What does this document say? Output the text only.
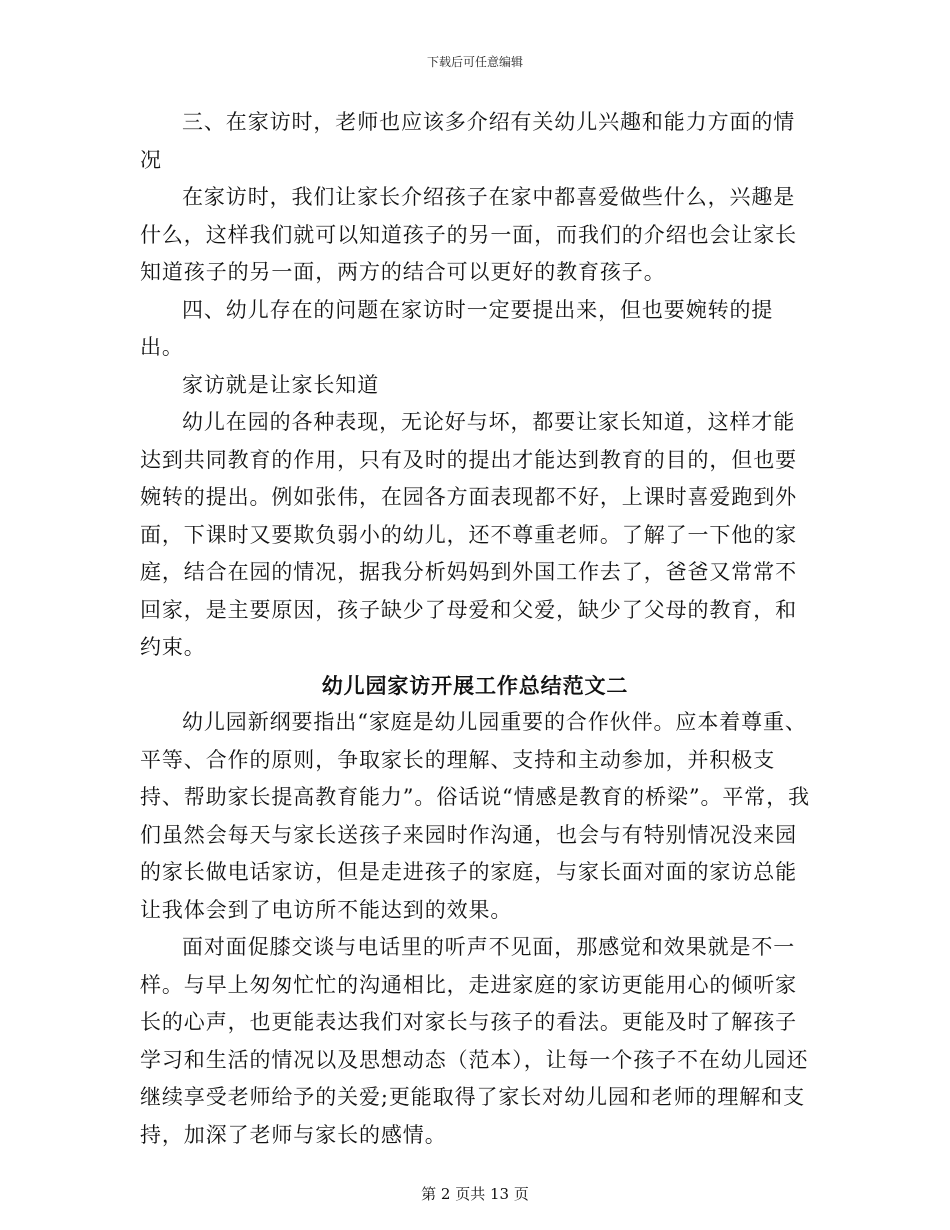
下载后可任意编辑

三、在家访时，老师也应该多介绍有关幼儿兴趣和能力方面的情况

在家访时，我们让家长介绍孩子在家中都喜爱做些什么，兴趣是什么，这样我们就可以知道孩子的另一面，而我们的介绍也会让家长知道孩子的另一面，两方的结合可以更好的教育孩子。

四、幼儿存在的问题在家访时一定要提出来，但也要婉转的提出。

家访就是让家长知道

幼儿在园的各种表现，无论好与坏，都要让家长知道，这样才能达到共同教育的作用，只有及时的提出才能达到教育的目的，但也要婉转的提出。例如张伟，在园各方面表现都不好，上课时喜爱跑到外面，下课时又要欺负弱小的幼儿，还不尊重老师。了解了一下他的家庭，结合在园的情况，据我分析妈妈到外国工作去了，爸爸又常常不回家，是主要原因，孩子缺少了母爱和父爱，缺少了父母的教育，和约束。

幼儿园家访开展工作总结范文二

幼儿园新纲要指出“家庭是幼儿园重要的合作伙伴。应本着尊重、平等、合作的原则，争取家长的理解、支持和主动参加，并积极支持、帮助家长提高教育能力”。俗话说“情感是教育的桥梁”。平常，我们虽然会每天与家长送孩子来园时作沟通，也会与有特别情况没来园的家长做电话家访，但是走进孩子的家庭，与家长面对面的家访总能让我体会到了电访所不能达到的效果。

面对面促膝交谈与电话里的听声不见面，那感觉和效果就是不一样。与早上匆匆忙忙的沟通相比，走进家庭的家访更能用心的倾听家长的心声，也更能表达我们对家长与孩子的看法。更能及时了解孩子学习和生活的情况以及思想动态（范本），让每一个孩子不在幼儿园还继续享受老师给予的关爱;更能取得了家长对幼儿园和老师的理解和支持，加深了老师与家长的感情。

第 2 页共 13 页
